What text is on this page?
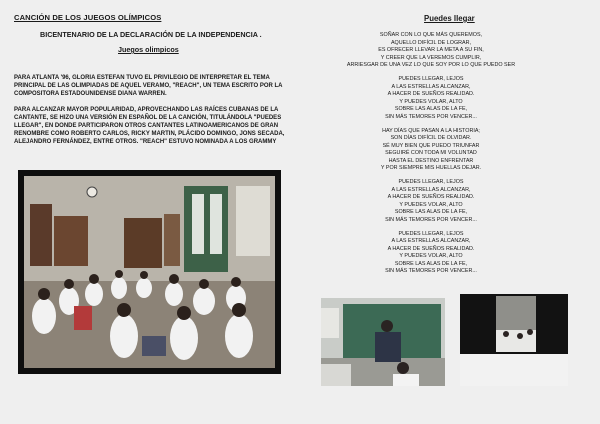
CANCIÓN DE LOS JUEGOS OLÍMPICOS
BICENTENARIO DE LA DECLARACIÓN DE LA INDEPENDENCIA .
Juegos olimpicos
PARA ATLANTA '96, GLORIA ESTEFAN TUVO EL PRIVILEGIO DE INTERPRETAR EL TEMA PRINCIPAL DE LAS OLIMPIADAS DE AQUEL VERAMO, "REACH", UN TEMA ESCRITO POR LA COMPOSITORA ESTADOUNIDENSE DIANA WARREN.
PARA ALCANZAR MAYOR POPULARIDAD, APROVECHANDO LAS RAÍCES CUBANAS DE LA CANTANTE, SE HIZO UNA VERSIÓN EN ESPAÑOL DE LA CANCIÓN, TITULÁNDOLA "PUEDES LLEGAR", EN DONDE PARTICIPARON OTROS CANTANTES LATINOAMERICANOS DE GRAN RENOMBRE COMO ROBERTO CARLOS, RICKY MARTIN, PLÁCIDO DOMINGO, JONS SECADA, ALEJANDRO FERNÁNDEZ, ENTRE OTROS. "REACH" ESTUVO NOMINADA A LOS GRAMMY
Puedes llegar
SOÑAR CON LO QUE MÁS QUEREMOS,
AQUELLO DIFÍCIL DE LOGRAR,
ES OFRECER LLEVAR LA META A SU FIN,
Y CREER QUE LA VEREMOS CUMPLIR,
ARRIESGAR DE UNA VEZ LO QUE SOY POR LO QUE PUEDO SER
PUEDES LLEGAR, LEJOS
A LAS ESTRELLAS ALCANZAR,
A HACER DE SUEÑOS REALIDAD.
Y PUEDES VOLAR, ALTO
SOBRE LAS ALAS DE LA FE,
SIN MÁS TEMORES POR VENCER...
HAY DÍAS QUE PASAN A LA HISTORIA;
SON DÍAS DIFÍCIL DE OLVIDAR.
SÉ MUY BIEN QUE PUEDO TRIUNFAR
SEGUIRÉ CON TODA MI VOLUNTAD
HASTA EL DESTINO ENFRENTAR
Y POR SIEMPRE MIS HUELLAS DEJAR.
PUEDES LLEGAR, LEJOS
A LAS ESTRELLAS ALCANZAR,
A HACER DE SUEÑOS REALIDAD.
Y PUEDES VOLAR, ALTO
SOBRE LAS ALAS DE LA FE,
SIN MÁS TEMORES POR VENCER...
PUEDES LLEGAR, LEJOS
A LAS ESTRELLAS ALCANZAR,
A HACER DE SUEÑOS REALIDAD.
Y PUEDES VOLAR, ALTO
SOBRE LAS ALAS DE LA FE,
SIN MÁS TEMORES POR VENCER...
